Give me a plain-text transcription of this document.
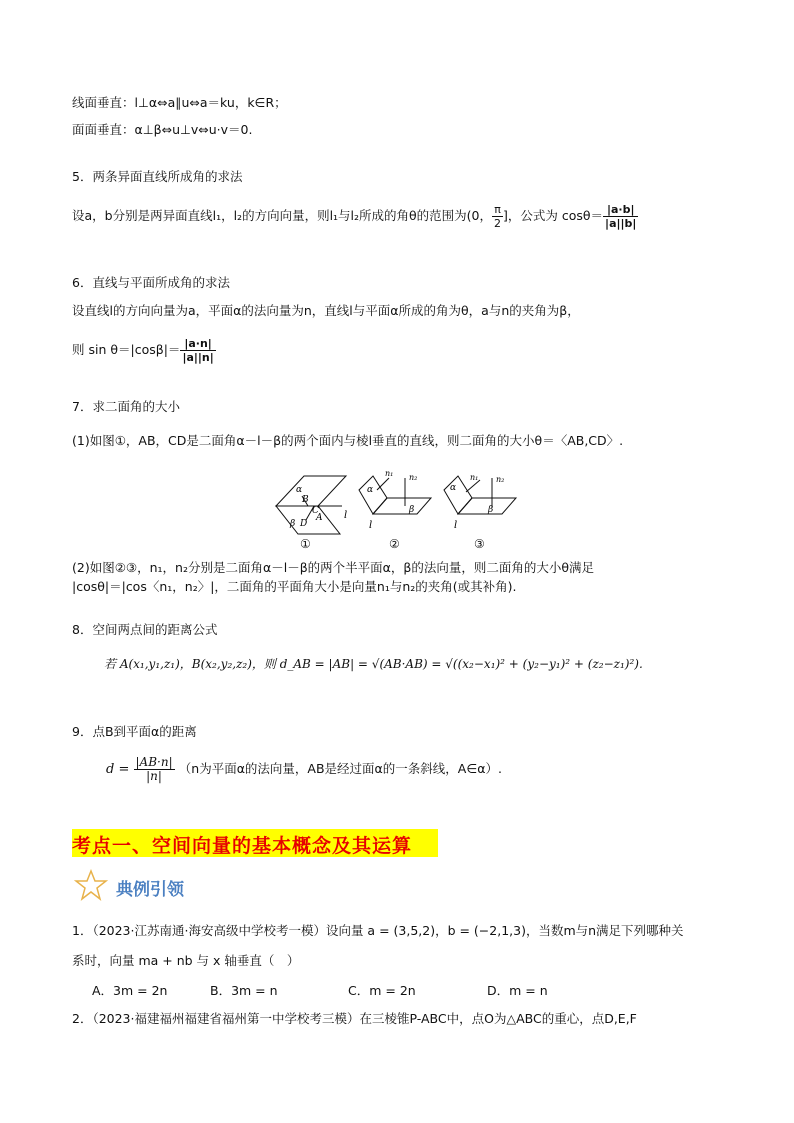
线面垂直：l⊥α⇔a∥u⇔a＝ku，k∈R；
面面垂直：α⊥β⇔u⊥v⇔u·v＝0.
5．两条异面直线所成角的求法
设a，b分别是两异面直线l₁，l₂的方向向量，则l₁与l₂所成的角θ的范围为(0， $\frac{\pi}{2}$ ]，公式为 $\cos\theta= \frac{|a\cdot b|}{|a||b|}$
6．直线与平面所成角的求法
设直线l的方向向量为a，平面α的法向量为n，直线l与平面α所成的角为θ，a与n的夹角为β，
则 $\sin \theta=|\cos\beta|= \frac{|a\cdot n|}{|a||n|}$
7．求二面角的大小
(1)如图①，AB，CD是二面角α－l－β的两个面内与棱l垂直的直线，则二面角的大小θ＝〈AB,CD〉.
α
B
C
β D
A l
α
n₁ n₂
β
l
α
n₁ n₂
β
l
①	②	③
(2)如图②③，n₁，n₂分别是二面角α－l－β的两个半平面α，β的法向量，则二面角的大小θ满足
|cosθ|＝|cos〈n₁，n₂〉|，二面角的平面角大小是向量n₁与n₂的夹角(或其补角).
8．空间两点间的距离公式
若 A(x₁,y₁,z₁)，B(x₂,y₂,z₂)，则 d_AB = |AB| = √(AB·AB) = √((x₂−x₁)² + (y₂−y₁)² + (z₂−z₁)²).
9．点B到平面α的距离
$d = \frac{|AB\cdot n|}{|n|} (n$为平面α的法向量，AB是经过面α的一条斜线，A∈α）.
考点一、空间向量的基本概念及其运算
典例引领
1．（2023·江苏南通·海安高级中学校考一模）设向量 a = (3,5,2)，b = (−2,1,3)，当数m与n满足下列哪种关
系时，向量 ma + nb 与 x 轴垂直（　）
A．3m = 2n	B．3m = n	C．m = 2n	D．m = n
2．（2023·福建福州福建省福州第一中学校考三模）在三棱锥P-ABC中，点O为△ABC的重心，点D,E,F
